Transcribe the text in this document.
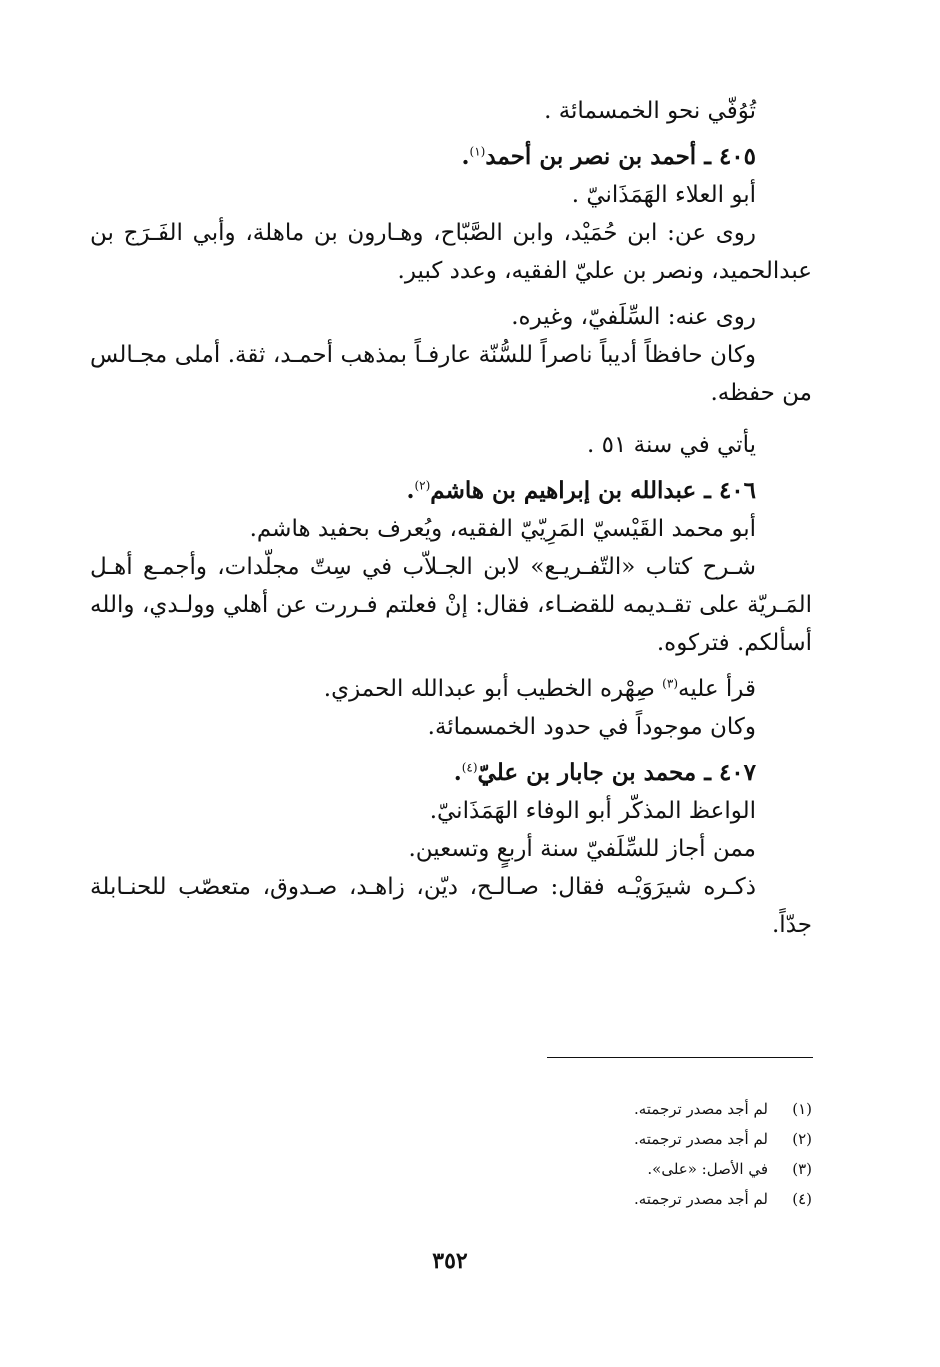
تُوُفّي نحو الخمسمائة .
٤٠٥ ـ أحمد بن نصر بن أحمد$^{(١)}$.
أبو العلاء الهَمَذَانيّ .
روى عن: ابن حُمَيْد، وابن الصَّبّاح، وهـارون بن ماهلة، وأبي الفَـرَج بن
عبدالحميد، ونصر بن عليّ الفقيه، وعدد كبير.
روى عنه: السِّلَفيّ، وغيره.
وكان حافظاً أديباً ناصراً للسُّنّة عارفـاً بمذهب أحمـد، ثقة. أملى مجـالس
من حفظه.
يأتي في سنة ٥١ .
٤٠٦ ـ عبدالله بن إبراهيم بن هاشم$^{(٢)}$.
أبو محمد القَيْسيّ المَرِيّيّ الفقيه، ويُعرف بحفيد هاشم.
شـرح كتاب «التّفـريـع» لابن الجـلاّب في سِتّ مجلّدات، وأجمـع أهـل
المَـريّة على تقـديمه للقضـاء، فقال: إنْ فعلتم فـررت عن أهلي وولـدي، والله
أسألكم. فتركوه.
قرأ عليه$^{(٣)}$ صِهْره الخطيب أبو عبدالله الحمزي.
وكان موجوداً في حدود الخمسمائة.
٤٠٧ ـ محمد بن جابار بن عليّ$^{(٤)}$.
الواعظ المذكّر أبو الوفاء الهَمَذَانيّ.
ممن أجاز للسِّلَفيّ سنة أربعٍ وتسعين.
ذكـره شيرَوَيْـه فقال: صـالـح، ديّن، زاهـد، صـدوق، متعصّب للحنـابلة
جدّاً.
(١)لم أجد مصدر ترجمته.
(٢)لم أجد مصدر ترجمته.
(٣)في الأصل: «على».
(٤)لم أجد مصدر ترجمته.
٣٥٢
